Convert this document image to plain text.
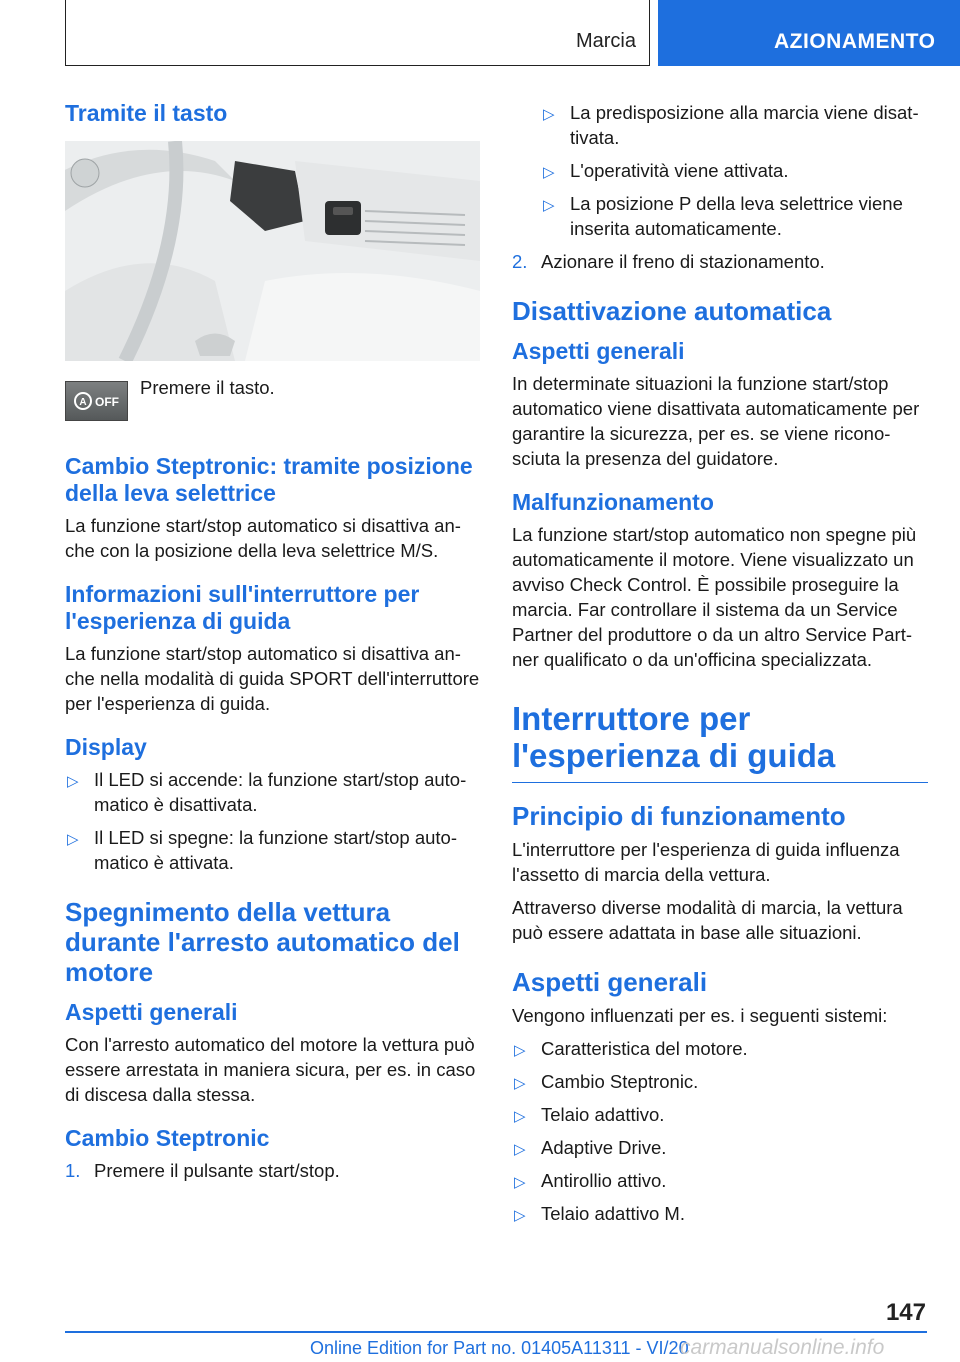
Marcia	AZIONAMENTO
Tramite il tasto
A OFF
Premere il tasto.
Cambio Steptronic: tramite posizione della leva selettrice

La funzione start/stop automatico si disattiva anche con la posizione della leva selettrice M/S.

Informazioni sull'interruttore per l'esperienza di guida

La funzione start/stop automatico si disattiva anche nella modalità di guida SPORT dell'interruttore per l'esperienza di guida.

Display
▷ Il LED si accende: la funzione start/stop automatico è disattivata.
▷ Il LED si spegne: la funzione start/stop automatico è attivata.
Spegnimento della vettura durante l'arresto automatico del motore
Aspetti generali

Con l'arresto automatico del motore la vettura può essere arrestata in maniera sicura, per es. in caso di discesa dalla stessa.

Cambio Steptronic
1. Premere il pulsante start/stop.
▷ La predisposizione alla marcia viene disattivata.
▷ L'operatività viene attivata.
▷ La posizione P della leva selettrice viene inserita automaticamente.
2. Azionare il freno di stazionamento.
Disattivazione automatica
Aspetti generali

In determinate situazioni la funzione start/stop automatico viene disattivata automaticamente per garantire la sicurezza, per es. se viene riconosciuta la presenza del guidatore.

Malfunzionamento

La funzione start/stop automatico non spegne più automaticamente il motore. Viene visualizzato un avviso Check Control. È possibile proseguire la marcia. Far controllare il sistema da un Service Partner del produttore o da un altro Service Partner qualificato o da un'officina specializzata.

Interruttore per l'esperienza di guida
Principio di funzionamento

L'interruttore per l'esperienza di guida influenza l'assetto di marcia della vettura.

Attraverso diverse modalità di marcia, la vettura può essere adattata in base alle situazioni.

Aspetti generali

Vengono influenzati per es. i seguenti sistemi:

▷ Caratteristica del motore.
▷ Cambio Steptronic.
▷ Telaio adattivo.
▷ Adaptive Drive.
▷ Antirollio attivo.
▷ Telaio adattivo M.
147
Online Edition for Part no. 01405A11311 - VI/20
carmanualsonline.info
